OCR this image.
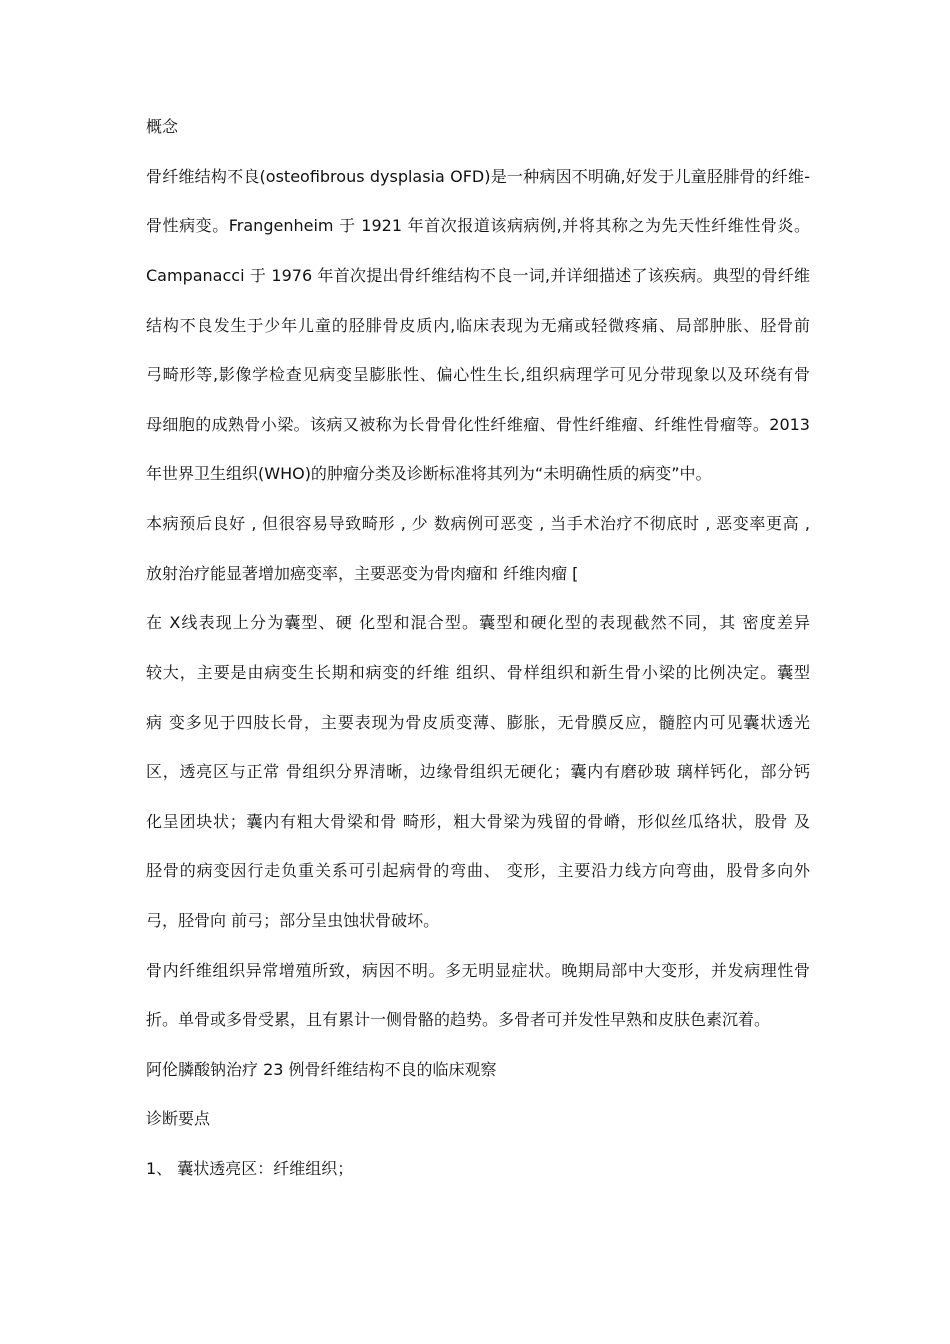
概念
骨纤维结构不良(osteofibrous dysplasia OFD)是一种病因不明确,好发于儿童胫腓骨的纤维-
骨性病变。Frangenheim 于 1921 年首次报道该病病例,并将其称之为先天性纤维性骨炎。
Campanacci 于 1976 年首次提出骨纤维结构不良一词,并详细描述了该疾病。典型的骨纤维
结构不良发生于少年儿童的胫腓骨皮质内,临床表现为无痛或轻微疼痛、局部肿胀、胫骨前
弓畸形等,影像学检查见病变呈膨胀性、偏心性生长,组织病理学可见分带现象以及环绕有骨
母细胞的成熟骨小梁。该病又被称为长骨骨化性纤维瘤、骨性纤维瘤、纤维性骨瘤等。2013
年世界卫生组织(WHO)的肿瘤分类及诊断标准将其列为“未明确性质的病变”中。
本病预后良好 , 但很容易导致畸形 , 少 数病例可恶变 , 当手术治疗不彻底时 , 恶变率更高 ,
放射治疗能显著增加癌变率，主要恶变为骨肉瘤和 纤维肉瘤 [
在 X线表现上分为囊型、硬 化型和混合型。囊型和硬化型的表现截然不同，其 密度差异
较大，主要是由病变生长期和病变的纤维 组织、骨样组织和新生骨小梁的比例决定。囊型
病 变多见于四肢长骨，主要表现为骨皮质变薄、膨胀，无骨膜反应，髓腔内可见囊状透光
区，透亮区与正常 骨组织分界清晰，边缘骨组织无硬化；囊内有磨砂玻 璃样钙化，部分钙
化呈团块状；囊内有粗大骨梁和骨 畸形，粗大骨梁为残留的骨嵴，形似丝瓜络状，股骨 及
胫骨的病变因行走负重关系可引起病骨的弯曲、 变形，主要沿力线方向弯曲，股骨多向外
弓，胫骨向 前弓；部分呈虫蚀状骨破坏。
骨内纤维组织异常增殖所致，病因不明。多无明显症状。晚期局部中大变形，并发病理性骨
折。单骨或多骨受累，且有累计一侧骨骼的趋势。多骨者可并发性早熟和皮肤色素沉着。
阿伦膦酸钠治疗 23 例骨纤维结构不良的临床观察
诊断要点
1、 囊状透亮区：纤维组织；
